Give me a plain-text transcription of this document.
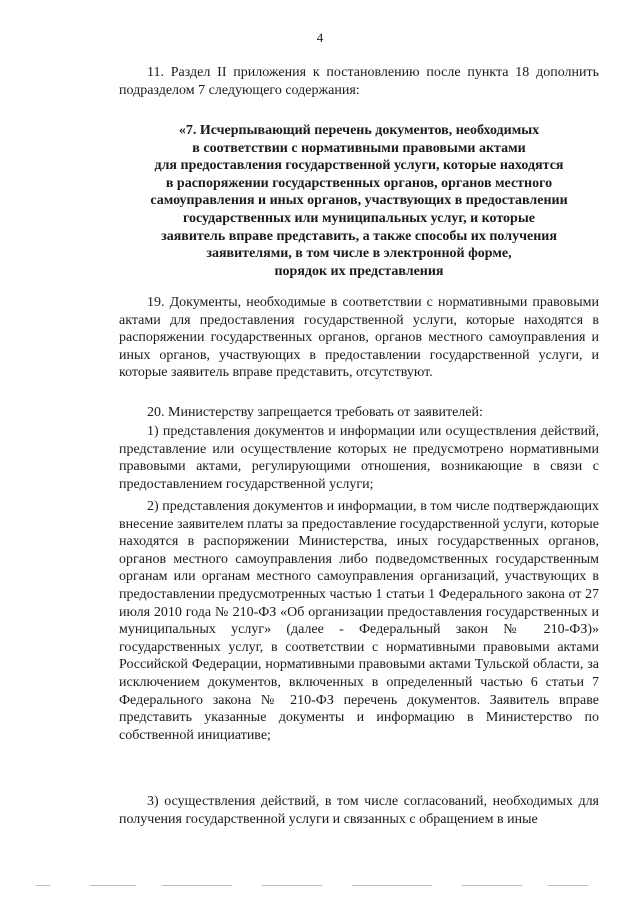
4

11. Раздел II приложения к постановлению после пункта 18 дополнить подразделом 7 следующего содержания:

«7. Исчерпывающий перечень документов, необходимых
в соответствии с нормативными правовыми актами
для предоставления государственной услуги, которые находятся
в распоряжении государственных органов, органов местного
самоуправления и иных органов, участвующих в предоставлении
государственных или муниципальных услуг, и которые
заявитель вправе представить, а также способы их получения
заявителями, в том числе в электронной форме,
порядок их представления

19. Документы, необходимые в соответствии с нормативными правовыми актами для предоставления государственной услуги, которые находятся в распоряжении государственных органов, органов местного самоуправления и иных органов, участвующих в предоставлении государственной услуги, и которые заявитель вправе представить, отсутствуют.

20. Министерству запрещается требовать от заявителей:

1) представления документов и информации или осуществления действий, представление или осуществление которых не предусмотрено нормативными правовыми актами, регулирующими отношения, возникающие в связи с предоставлением государственной услуги;

2) представления документов и информации, в том числе подтверждающих внесение заявителем платы за предоставление государственной услуги, которые находятся в распоряжении Министерства, иных государственных органов, органов местного самоуправления либо подведомственных государственным органам или органам местного самоуправления организаций, участвующих в предоставлении предусмотренных частью 1 статьи 1 Федерального закона от 27 июля 2010 года № 210-ФЗ «Об организации предоставления государственных и муниципальных услуг» (далее - Федеральный закон № 210-ФЗ)» государственных услуг, в соответствии с нормативными правовыми актами Российской Федерации, нормативными правовыми актами Тульской области, за исключением документов, включенных в определенный частью 6 статьи 7 Федерального закона № 210-ФЗ перечень документов. Заявитель вправе представить указанные документы и информацию в Министерство по собственной инициативе;

3) осуществления действий, в том числе согласований, необходимых для получения государственной услуги и связанных с обращением в иные
